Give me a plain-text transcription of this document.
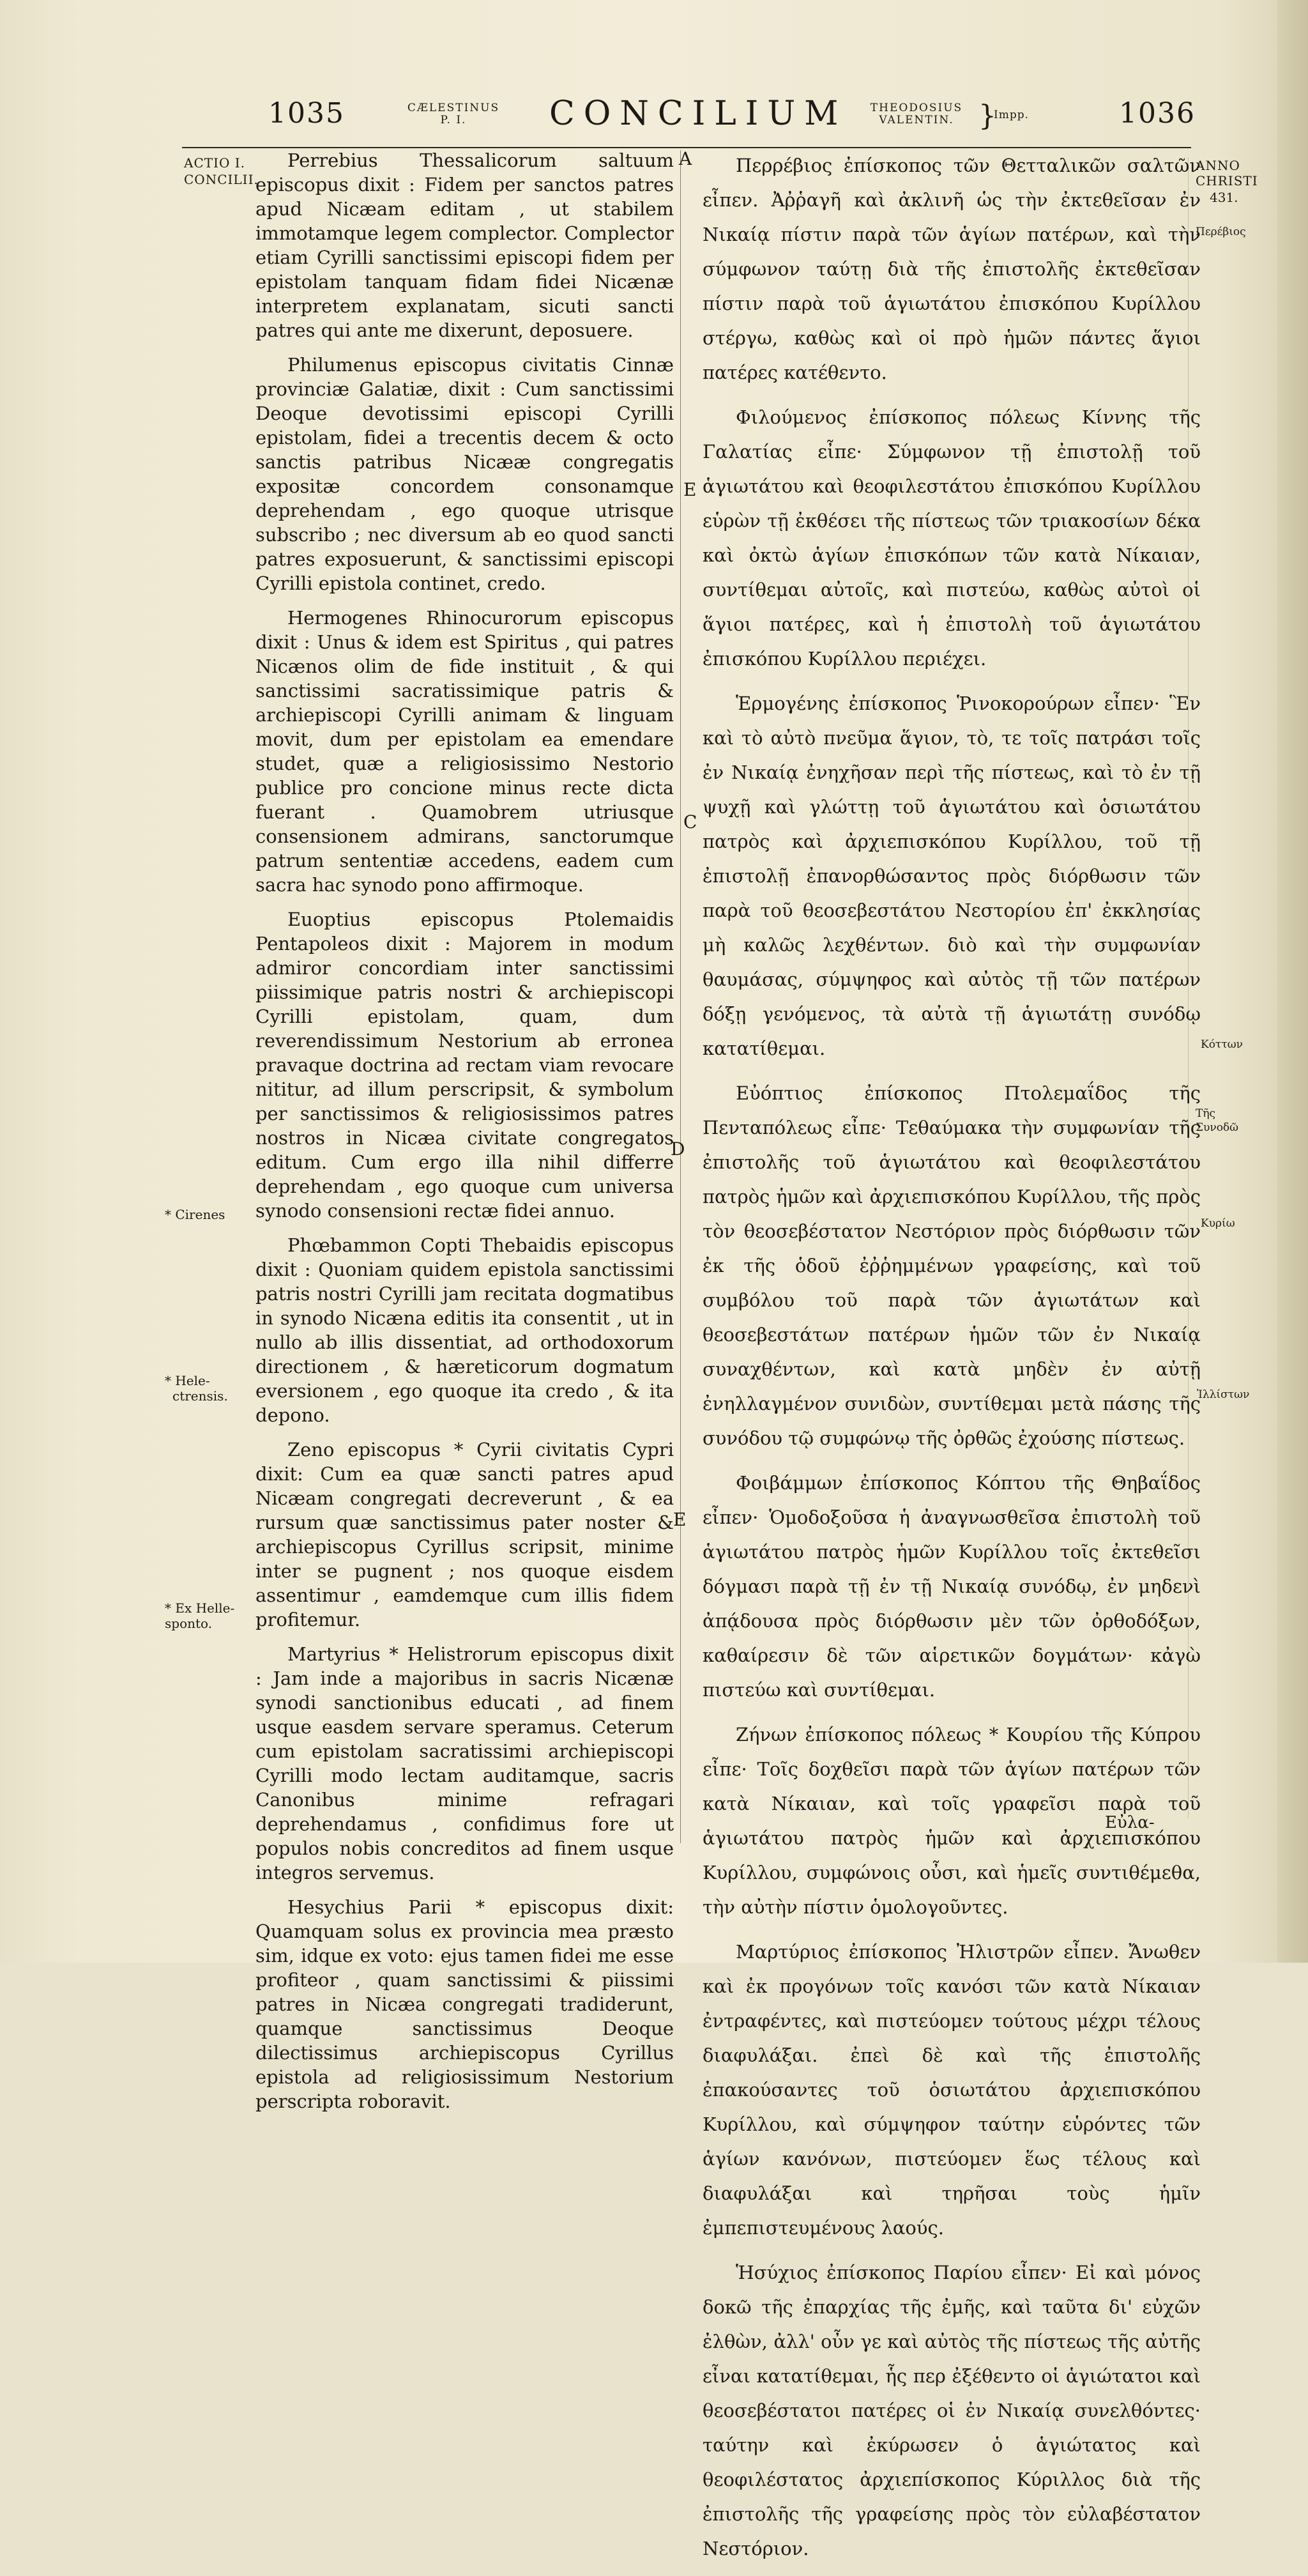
1035	CÆLESTINUS
P. I.	CONCILIUM	THEODOSIUS
VALENTIN. }
Impp.	1036
ACTIO I.
CONCILII.
* Cirenes
* Hele-
ctrensis.
* Ex Helle-
sponto.
ANNO
CHRISTI
431.
Περέβιος
Κόττων
Τῆς
Συνοδῶ
Κυρίω
Ἰλλίστων
A
E
C
D
E

Perrebius Thessalicorum saltuum episcopus dixit : Fidem per sanctos patres apud Nicæam editam , ut stabilem immotamque legem complector. Complector etiam Cyrilli sanctissimi episcopi fidem per epistolam tanquam fidam fidei Nicænæ interpretem explanatam, sicuti sancti patres qui ante me dixerunt, deposuere.

Philumenus episcopus civitatis Cinnæ provinciæ Galatiæ, dixit : Cum sanctissimi Deoque devotissimi episcopi Cyrilli epistolam, fidei a trecentis decem & octo sanctis patribus Nicææ congregatis expositæ concordem consonamque deprehendam , ego quoque utrisque subscribo ; nec diversum ab eo quod sancti patres exposuerunt, & sanctissimi episcopi Cyrilli epistola continet, credo.

Hermogenes Rhinocurorum episcopus dixit : Unus & idem est Spiritus , qui patres Nicænos olim de fide instituit , & qui sanctissimi sacratissimique patris & archiepiscopi Cyrilli animam & linguam movit, dum per epistolam ea emendare studet, quæ a religiosissimo Nestorio publice pro concione minus recte dicta fuerant . Quamobrem utriusque consensionem admirans, sanctorumque patrum sententiæ accedens, eadem cum sacra hac synodo pono affirmoque.

Euoptius episcopus Ptolemaidis Pentapoleos dixit : Majorem in modum admiror concordiam inter sanctissimi piissimique patris nostri & archiepiscopi Cyrilli epistolam, quam, dum reverendissimum Nestorium ab erronea pravaque doctrina ad rectam viam revocare nititur, ad illum perscripsit, & symbolum per sanctissimos & religiosissimos patres nostros in Nicæa civitate congregatos editum. Cum ergo illa nihil differre deprehendam , ego quoque cum universa synodo consensioni rectæ fidei annuo.

Phœbammon Copti Thebaidis episcopus dixit : Quoniam quidem epistola sanctissimi patris nostri Cyrilli jam recitata dogmatibus in synodo Nicæna editis ita consentit , ut in nullo ab illis dissentiat, ad orthodoxorum directionem , & hæreticorum dogmatum eversionem , ego quoque ita credo , & ita depono.

Zeno episcopus * Cyrii civitatis Cypri dixit: Cum ea quæ sancti patres apud Nicæam congregati decreverunt , & ea rursum quæ sanctissimus pater noster & archiepiscopus Cyrillus scripsit, minime inter se pugnent ; nos quoque eisdem assentimur , eamdemque cum illis fidem profitemur.

Martyrius * Helistrorum episcopus dixit : Jam inde a majoribus in sacris Nicænæ synodi sanctionibus educati , ad finem usque easdem servare speramus. Ceterum cum epistolam sacratissimi archiepiscopi Cyrilli modo lectam auditamque, sacris Canonibus minime refragari deprehendamus , confidimus fore ut populos nobis concreditos ad finem usque integros servemus.

Hesychius Parii * episcopus dixit: Quamquam solus ex provincia mea præsto sim, idque ex voto: ejus tamen fidei me esse profiteor , quam sanctissimi & piissimi patres in Nicæa congregati tradiderunt, quamque sanctissimus Deoque dilectissimus archiepiscopus Cyrillus epistola ad religiosissimum Nestorium perscripta roboravit.

Περρέβιος ἐπίσκοπος τῶν Θετταλικῶν σαλτῶν εἶπεν. Ἀῤῥαγῆ καὶ ἀκλινῆ ὡς τὴν ἐκτεθεῖσαν ἐν Νικαίᾳ πίστιν παρὰ τῶν ἁγίων πατέρων, καὶ τὴν σύμφωνον ταύτῃ διὰ τῆς ἐπιστολῆς ἐκτεθεῖσαν πίστιν παρὰ τοῦ ἁγιωτάτου ἐπισκόπου Κυρίλλου στέργω, καθὼς καὶ οἱ πρὸ ἡμῶν πάντες ἅγιοι πατέρες κατέθεντο.

Φιλούμενος ἐπίσκοπος πόλεως Κίννης τῆς Γαλατίας εἶπε· Σύμφωνον τῇ ἐπιστολῇ τοῦ ἁγιωτάτου καὶ θεοφιλεστάτου ἐπισκόπου Κυρίλλου εὑρὼν τῇ ἐκθέσει τῆς πίστεως τῶν τριακοσίων δέκα καὶ ὀκτὼ ἁγίων ἐπισκόπων τῶν κατὰ Νίκαιαν, συντίθεμαι αὐτοῖς, καὶ πιστεύω, καθὼς αὐτοὶ οἱ ἅγιοι πατέρες, καὶ ἡ ἐπιστολὴ τοῦ ἁγιωτάτου ἐπισκόπου Κυρίλλου περιέχει.

Ἑρμογένης ἐπίσκοπος Ῥινοκορούρων εἶπεν· Ἓν καὶ τὸ αὐτὸ πνεῦμα ἅγιον, τὸ, τε τοῖς πατράσι τοῖς ἐν Νικαίᾳ ἐνηχῆσαν περὶ τῆς πίστεως, καὶ τὸ ἐν τῇ ψυχῇ καὶ γλώττῃ τοῦ ἁγιωτάτου καὶ ὁσιωτάτου πατρὸς καὶ ἀρχιεπισκόπου Κυρίλλου, τοῦ τῇ ἐπιστολῇ ἐπανορθώσαντος πρὸς διόρθωσιν τῶν παρὰ τοῦ θεοσεβεστάτου Νεστορίου ἐπ' ἐκκλησίας μὴ καλῶς λεχθέντων. διὸ καὶ τὴν συμφωνίαν θαυμάσας, σύμψηφος καὶ αὐτὸς τῇ τῶν πατέρων δόξῃ γενόμενος, τὰ αὐτὰ τῇ ἁγιωτάτῃ συνόδῳ κατατίθεμαι.

Εὐόπτιος ἐπίσκοπος Πτολεμαΐδος τῆς Πενταπόλεως εἶπε· Τεθαύμακα τὴν συμφωνίαν τῆς ἐπιστολῆς τοῦ ἁγιωτάτου καὶ θεοφιλεστάτου πατρὸς ἡμῶν καὶ ἀρχιεπισκόπου Κυρίλλου, τῆς πρὸς τὸν θεοσεβέστατον Νεστόριον πρὸς διόρθωσιν τῶν ἐκ τῆς ὁδοῦ ἐῤῥημμένων γραφείσης, καὶ τοῦ συμβόλου τοῦ παρὰ τῶν ἁγιωτάτων καὶ θεοσεβεστάτων πατέρων ἡμῶν τῶν ἐν Νικαίᾳ συναχθέντων, καὶ κατὰ μηδὲν ἐν αὐτῇ ἐνηλλαγμένον συνιδὼν, συντίθεμαι μετὰ πάσης τῆς συνόδου τῷ συμφώνῳ τῆς ὀρθῶς ἐχούσης πίστεως.

Φοιβάμμων ἐπίσκοπος Κόπτου τῆς Θηβαΐδος εἶπεν· Ὁμοδοξοῦσα ἡ ἀναγνωσθεῖσα ἐπιστολὴ τοῦ ἁγιωτάτου πατρὸς ἡμῶν Κυρίλλου τοῖς ἐκτεθεῖσι δόγμασι παρὰ τῇ ἐν τῇ Νικαίᾳ συνόδῳ, ἐν μηδενὶ ἀπᾴδουσα πρὸς διόρθωσιν μὲν τῶν ὀρθοδόξων, καθαίρεσιν δὲ τῶν αἱρετικῶν δογμάτων· κἀγὼ πιστεύω καὶ συντίθεμαι.

Ζήνων ἐπίσκοπος πόλεως * Κουρίου τῆς Κύπρου εἶπε· Τοῖς δοχθεῖσι παρὰ τῶν ἁγίων πατέρων τῶν κατὰ Νίκαιαν, καὶ τοῖς γραφεῖσι παρὰ τοῦ ἁγιωτάτου πατρὸς ἡμῶν καὶ ἀρχιεπισκόπου Κυρίλλου, συμφώνοις οὖσι, καὶ ἡμεῖς συντιθέμεθα, τὴν αὐτὴν πίστιν ὁμολογοῦντες.

Μαρτύριος ἐπίσκοπος Ἠλιστρῶν εἶπεν. Ἄνωθεν καὶ ἐκ προγόνων τοῖς κανόσι τῶν κατὰ Νίκαιαν ἐντραφέντες, καὶ πιστεύομεν τούτους μέχρι τέλους διαφυλάξαι. ἐπεὶ δὲ καὶ τῆς ἐπιστολῆς ἐπακούσαντες τοῦ ὁσιωτάτου ἀρχιεπισκόπου Κυρίλλου, καὶ σύμψηφον ταύτην εὑρόντες τῶν ἁγίων κανόνων, πιστεύομεν ἕως τέλους καὶ διαφυλάξαι καὶ τηρῆσαι τοὺς ἡμῖν ἐμπεπιστευμένους λαούς.

Ἡσύχιος ἐπίσκοπος Παρίου εἶπεν· Εἰ καὶ μόνος δοκῶ τῆς ἐπαρχίας τῆς ἐμῆς, καὶ ταῦτα δι' εὐχῶν ἐλθὼν, ἀλλ' οὖν γε καὶ αὐτὸς τῆς πίστεως τῆς αὐτῆς εἶναι κατατίθεμαι, ἧς περ ἐξέθεντο οἱ ἁγιώτατοι καὶ θεοσεβέστατοι πατέρες οἱ ἐν Νικαίᾳ συνελθόντες· ταύτην καὶ ἐκύρωσεν ὁ ἁγιώτατος καὶ θεοφιλέστατος ἀρχιεπίσκοπος Κύριλλος διὰ τῆς ἐπιστολῆς τῆς γραφείσης πρὸς τὸν εὐλαβέστατον Νεστόριον.

Εὐλα-
